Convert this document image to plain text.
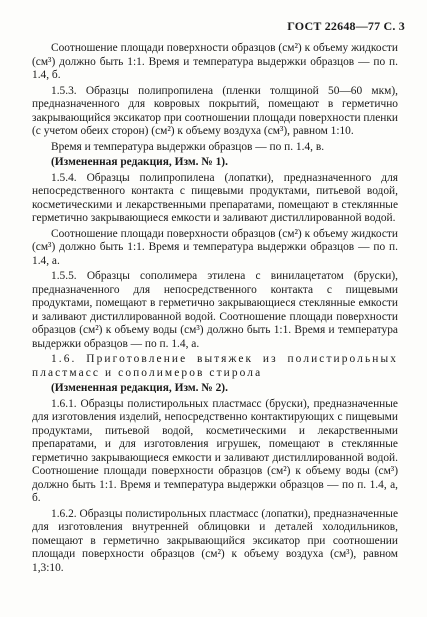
ГОСТ 22648—77 С. 3

Соотношение площади поверхности образцов (см²) к объему жидкости (см³) должно быть 1:1. Время и температура выдержки образцов — по п. 1.4, б.

1.5.3. Образцы полипропилена (пленки толщиной 50—60 мкм), предназначенного для ковровых покрытий, помещают в герметично закрывающийся эксикатор при соотношении площади поверхности пленки (с учетом обеих сторон) (см²) к объему воздуха (см³), равном 1:10.

Время и температура выдержки образцов — по п. 1.4, в.

(Измененная редакция, Изм. № 1).

1.5.4. Образцы полипропилена (лопатки), предназначенного для непосредственного контакта с пищевыми продуктами, питьевой водой, косметическими и лекарственными препаратами, помещают в стеклянные герметично закрывающиеся емкости и заливают дистиллированной водой.

Соотношение площади поверхности образцов (см²) к объему жидкости (см³) должно быть 1:1. Время и температура выдержки образцов — по п. 1.4, а.

1.5.5. Образцы сополимера этилена с винилацетатом (бруски), предназначенного для непосредственного контакта с пищевыми продуктами, помещают в герметично закрывающиеся стеклянные емкости и заливают дистиллированной водой. Соотношение площади поверхности образцов (см²) к объему воды (см³) должно быть 1:1. Время и температура выдержки образцов — по п. 1.4, а.

1.6. Приготовление вытяжек из полистирольных пластмасс и сополимеров стирола

(Измененная редакция, Изм. № 2).

1.6.1. Образцы полистирольных пластмасс (бруски), предназначенные для изготовления изделий, непосредственно контактирующих с пищевыми продуктами, питьевой водой, косметическими и лекарственными препаратами, и для изготовления игрушек, помещают в стеклянные герметично закрывающиеся емкости и заливают дистиллированной водой. Соотношение площади поверхности образцов (см²) к объему воды (см³) должно быть 1:1. Время и температура выдержки образцов — по п. 1.4, а, б.

1.6.2. Образцы полистирольных пластмасс (лопатки), предназначенные для изготовления внутренней облицовки и деталей холодильников, помещают в герметично закрывающийся эксикатор при соотношении площади поверхности образцов (см²) к объему воздуха (см³), равном 1,3:10.
